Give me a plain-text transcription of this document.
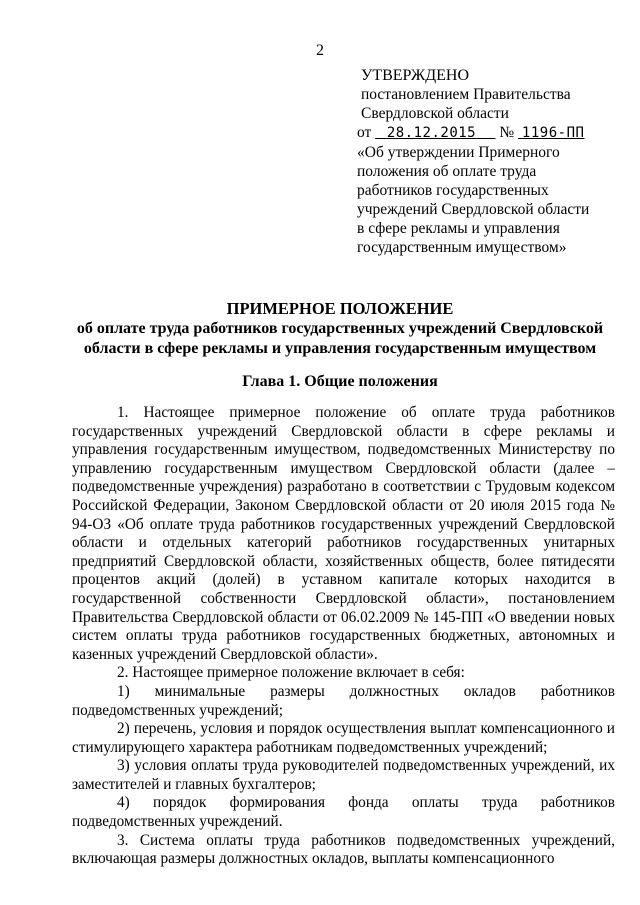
2
УТВЕРЖДЕНО
постановлением Правительства
Свердловской области
от 28.12.2015 № 1196-ПП
«Об утверждении Примерного
положения об оплате труда
работников государственных
учреждений Свердловской области
в сфере рекламы и управления
государственным имуществом»
ПРИМЕРНОЕ ПОЛОЖЕНИЕ
об оплате труда работников государственных учреждений Свердловской
области в сфере рекламы и управления государственным имуществом
Глава 1. Общие положения

1. Настоящее примерное положение об оплате труда работников государственных учреждений Свердловской области в сфере рекламы и управления государственным имуществом, подведомственных Министерству по управлению государственным имуществом Свердловской области (далее – подведомственные учреждения) разработано в соответствии с Трудовым кодексом Российской Федерации, Законом Свердловской области от 20 июля 2015 года № 94-ОЗ «Об оплате труда работников государственных учреждений Свердловской области и отдельных категорий работников государственных унитарных предприятий Свердловской области, хозяйственных обществ, более пятидесяти процентов акций (долей) в уставном капитале которых находится в государственной собственности Свердловской области», постановлением Правительства Свердловской области от 06.02.2009 № 145-ПП «О введении новых систем оплаты труда работников государственных бюджетных, автономных и казенных учреждений Свердловской области».

2. Настоящее примерное положение включает в себя:

1) минимальные размеры должностных окладов работников подведомственных учреждений;

2) перечень, условия и порядок осуществления выплат компенсационного и стимулирующего характера работникам подведомственных учреждений;

3) условия оплаты труда руководителей подведомственных учреждений, их заместителей и главных бухгалтеров;

4) порядок формирования фонда оплаты труда работников подведомственных учреждений.

3. Система оплаты труда работников подведомственных учреждений, включающая размеры должностных окладов, выплаты компенсационного
